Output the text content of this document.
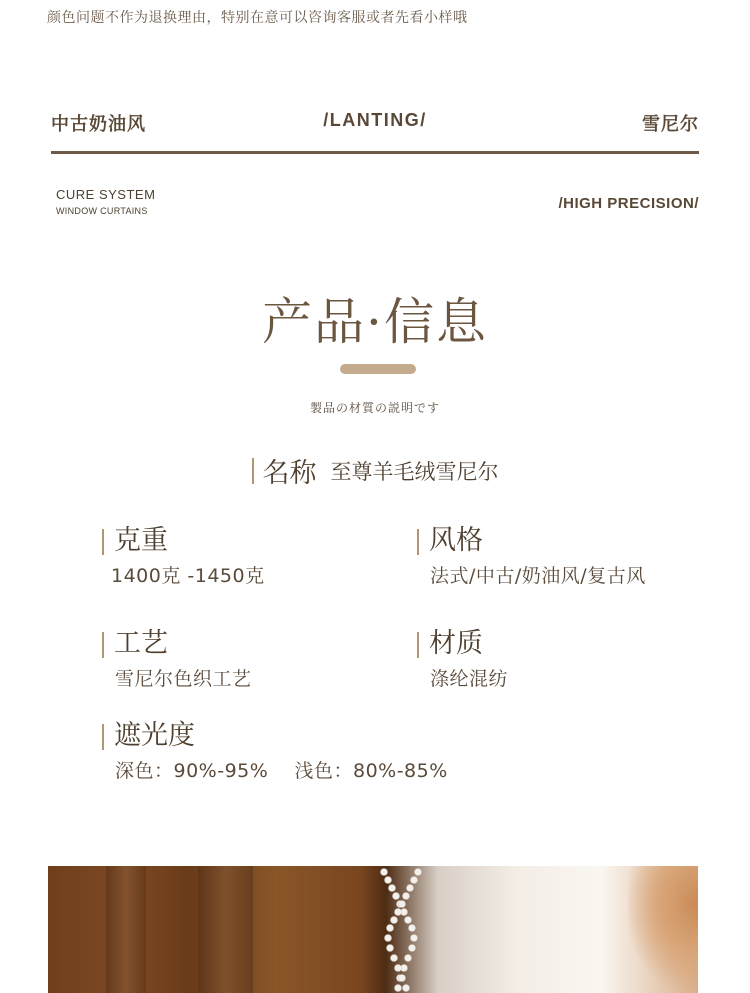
颜色问题不作为退换理由，特别在意可以咨询客服或者先看小样哦
中古奶油风	/LANTING/	雪尼尔
CURE SYSTEM
WINDOW CURTAINS	/HIGH PRECISION/
产品·信息
製品の材質の説明です
名称 至尊羊毛绒雪尼尔
克重
1400克 -1450克
风格
法式/中古/奶油风/复古风
工艺
雪尼尔色织工艺
材质
涤纶混纺
遮光度
深色：90%-95%    浅色：80%-85%
